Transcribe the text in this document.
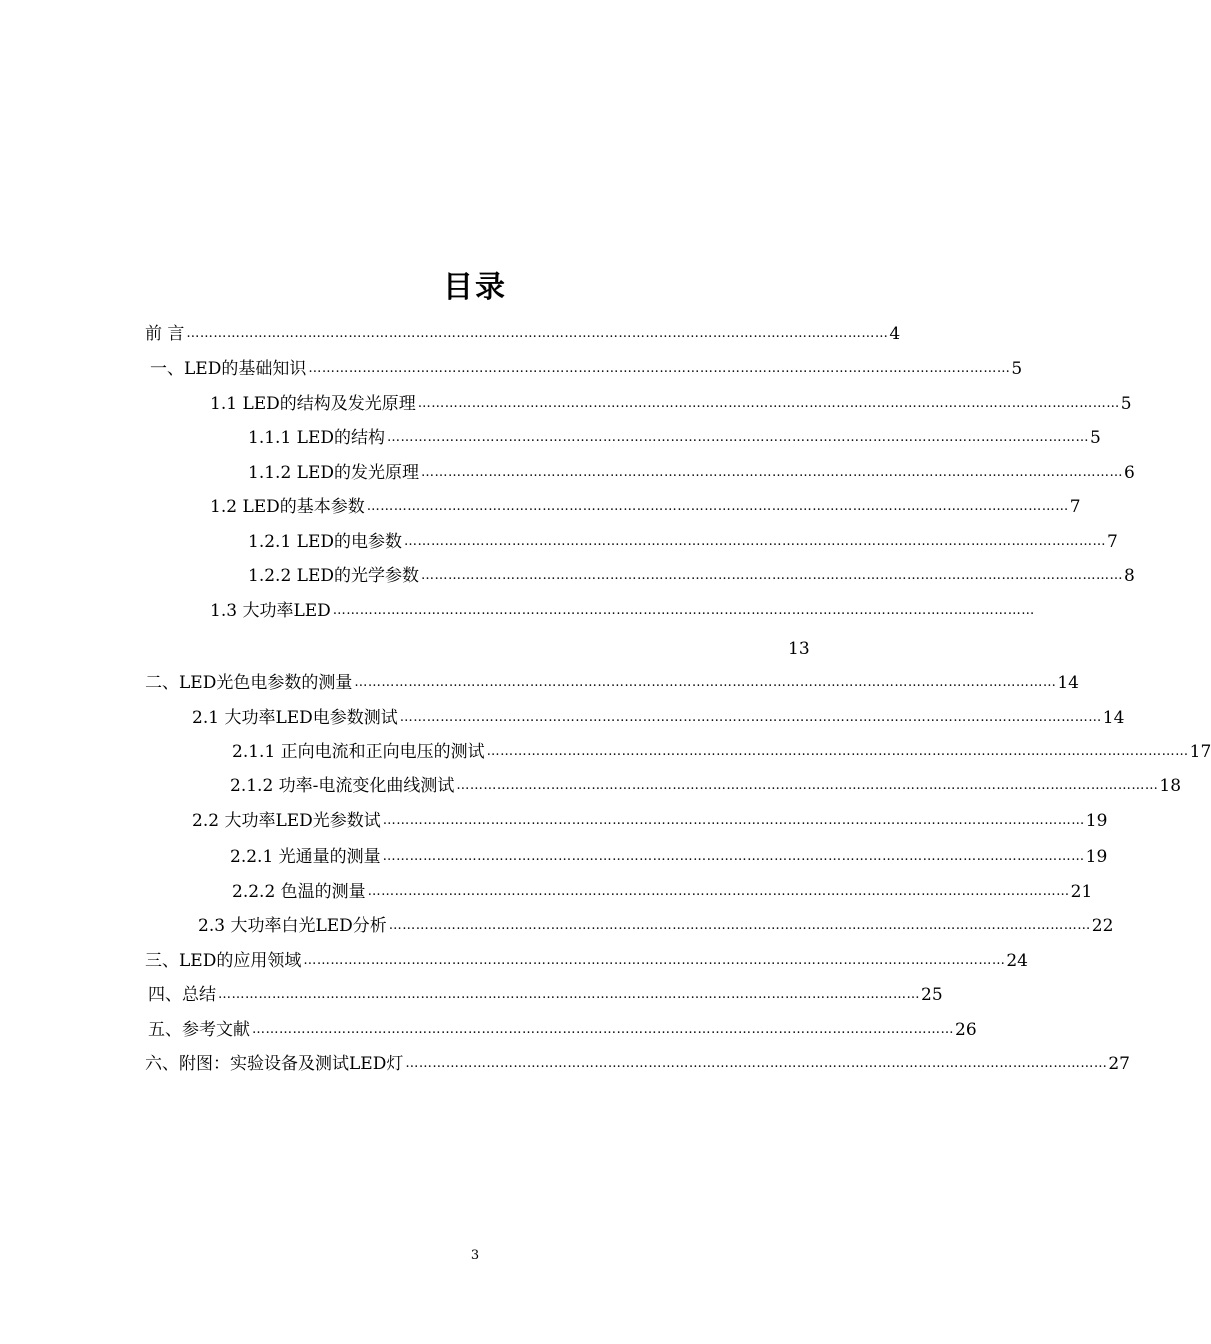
目录
前 言 ………………………………………………………………………………………………………………………………………… 4
一、LED的基础知识 ………………………………………………………………………………………………………………………………………… 5
1.1 LED的结构及发光原理 ………………………………………………………………………………………………………………………………………… 5
1.1.1 LED的结构 ………………………………………………………………………………………………………………………………………… 5
1.1.2 LED的发光原理 ………………………………………………………………………………………………………………………………………… 6
1.2 LED的基本参数 ………………………………………………………………………………………………………………………………………… 7
1.2.1 LED的电参数 ………………………………………………………………………………………………………………………………………… 7
1.2.2 LED的光学参数 ………………………………………………………………………………………………………………………………………… 8
1.3 大功率LED …………………………………………………………………………………………………………………………………………
13
二、LED光色电参数的测量 ………………………………………………………………………………………………………………………………………… 14
2.1 大功率LED电参数测试 ………………………………………………………………………………………………………………………………………… 14
2.1.1 正向电流和正向电压的测试 ………………………………………………………………………………………………………………………………………… 17
2.1.2 功率-电流变化曲线测试 ………………………………………………………………………………………………………………………………………… 18
2.2 大功率LED光参数试 ………………………………………………………………………………………………………………………………………… 19
2.2.1 光通量的测量 ………………………………………………………………………………………………………………………………………… 19
2.2.2 色温的测量 ………………………………………………………………………………………………………………………………………… 21
2.3 大功率白光LED分析 ………………………………………………………………………………………………………………………………………… 22
三、LED的应用领域 ………………………………………………………………………………………………………………………………………… 24
四、总结 ………………………………………………………………………………………………………………………………………… 25
五、参考文献 ………………………………………………………………………………………………………………………………………… 26
六、附图：实验设备及测试LED灯 ………………………………………………………………………………………………………………………………………… 27
3
